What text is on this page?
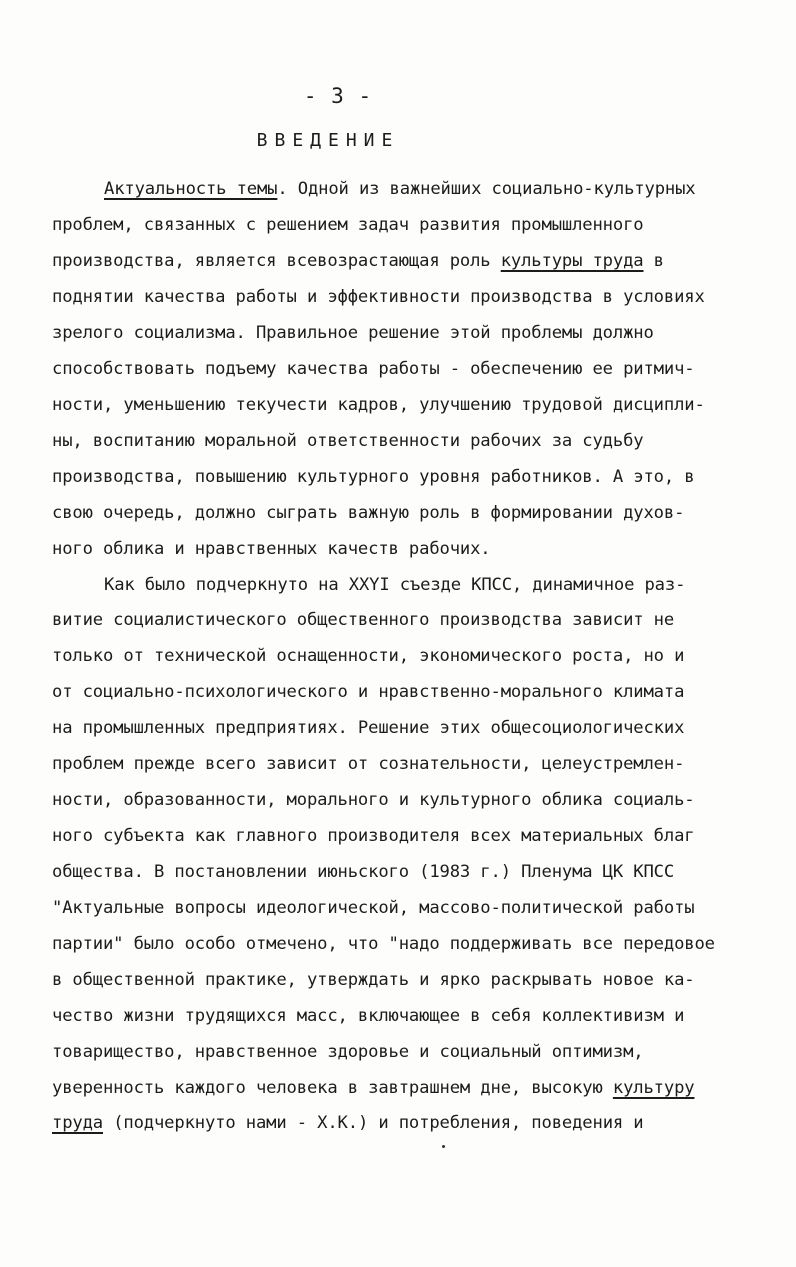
- 3 -
ВВЕДЕНИЕ
Актуальность темы. Одной из важнейших социально-культурных
проблем, связанных с решением задач развития промышленного
производства, является всевозрастающая роль культуры труда в
поднятии качества работы и эффективности производства в условиях
зрелого социализма. Правильное решение этой проблемы должно
способствовать подъему качества работы - обеспечению ее ритмич-
ности, уменьшению текучести кадров, улучшению трудовой дисципли-
ны, воспитанию моральной ответственности рабочих за судьбу
производства, повышению культурного уровня работников. А это, в
свою очередь, должно сыграть важную роль в формировании духов-
ного облика и нравственных качеств рабочих.
Как было подчеркнуто на XXYI съезде КПСС, динамичное раз-
витие социалистического общественного производства зависит не
только от технической оснащенности, экономического роста, но и
от социально-психологического и нравственно-морального климата
на промышленных предприятиях. Решение этих общесоциологических
проблем прежде всего зависит от сознательности, целеустремлен-
ности, образованности, морального и культурного облика социаль-
ного субъекта как главного производителя всех материальных благ
общества. В постановлении июньского (1983 г.) Пленума ЦК КПСС
"Актуальные вопросы идеологической, массово-политической работы
партии" было особо отмечено, что "надо поддерживать все передовое
в общественной практике, утверждать и ярко раскрывать новое ка-
чество жизни трудящихся масс, включающее в себя коллективизм и
товарищество, нравственное здоровье и социальный оптимизм,
уверенность каждого человека в завтрашнем дне, высокую культуру
труда (подчеркнуто нами - Х.К.) и потребления, поведения и
